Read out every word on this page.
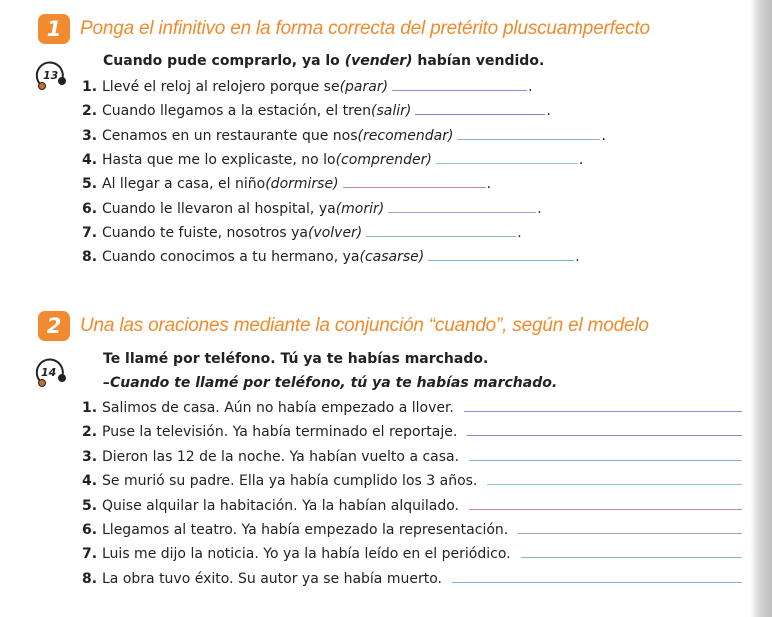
1 Ponga el infinitivo en la forma correcta del pretérito pluscuamperfecto
13
Cuando pude comprarlo, ya lo (vender) habían vendido.
1. Llevé el reloj al relojero porque se (parar)	.
2. Cuando llegamos a la estación, el tren (salir)	.
3. Cenamos en un restaurante que nos (recomendar)	.
4. Hasta que me lo explicaste, no lo (comprender)	.
5. Al llegar a casa, el niño (dormirse)	.
6. Cuando le llevaron al hospital, ya (morir)	.
7. Cuando te fuiste, nosotros ya (volver)	.
8. Cuando conocimos a tu hermano, ya (casarse)	.
2 Una las oraciones mediante la conjunción “cuando”, según el modelo
14
Te llamé por teléfono. Tú ya te habías marchado.
–Cuando te llamé por teléfono, tú ya te habías marchado.
1. Salimos de casa. Aún no había empezado a llover.
2. Puse la televisión. Ya había terminado el reportaje.
3. Dieron las 12 de la noche. Ya habían vuelto a casa.
4. Se murió su padre. Ella ya había cumplido los 3 años.
5. Quise alquilar la habitación. Ya la habían alquilado.
6. Llegamos al teatro. Ya había empezado la representación.
7. Luis me dijo la noticia. Yo ya la había leído en el periódico.
8. La obra tuvo éxito. Su autor ya se había muerto.
